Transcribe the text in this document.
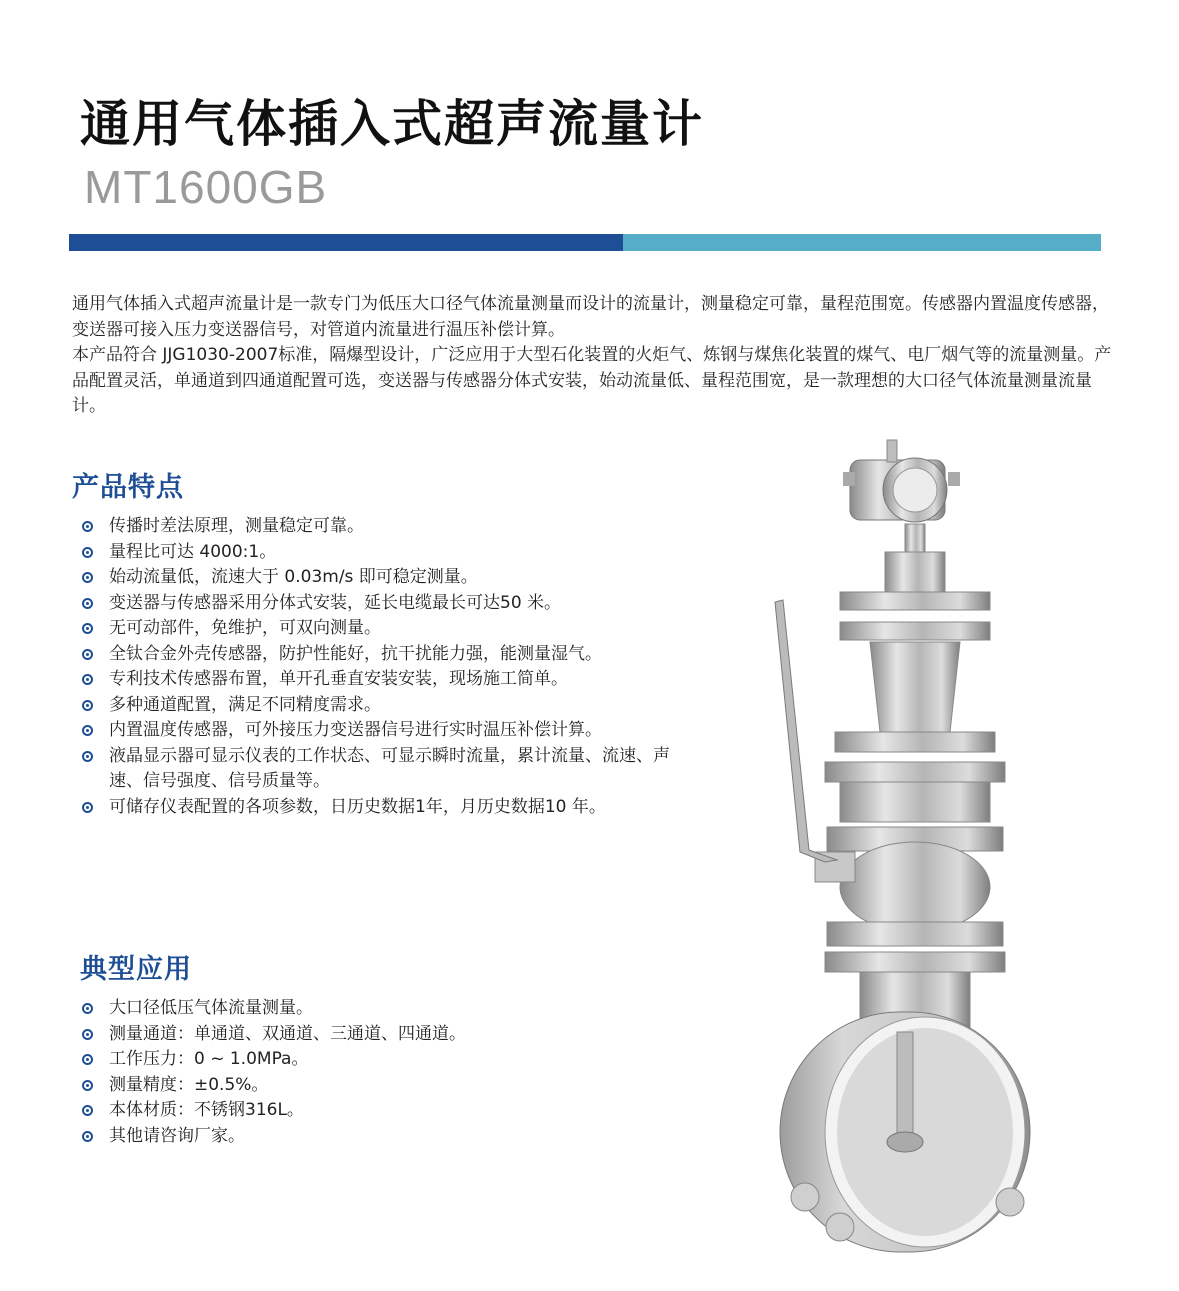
通用气体插入式超声流量计
MT1600GB

通用气体插入式超声流量计是一款专门为低压大口径气体流量测量而设计的流量计，测量稳定可靠，量程范围宽。传感器内置温度传感器，变送器可接入压力变送器信号，对管道内流量进行温压补偿计算。

本产品符合 JJG1030-2007标准，隔爆型设计，广泛应用于大型石化装置的火炬气、炼钢与煤焦化装置的煤气、电厂烟气等的流量测量。产品配置灵活，单通道到四通道配置可选，变送器与传感器分体式安装，始动流量低、量程范围宽，是一款理想的大口径气体流量测量流量计。

产品特点
传播时差法原理，测量稳定可靠。
量程比可达 4000:1。
始动流量低，流速大于 0.03m/s 即可稳定测量。
变送器与传感器采用分体式安装，延长电缆最长可达50 米。
无可动部件，免维护，可双向测量。
全钛合金外壳传感器，防护性能好，抗干扰能力强，能测量湿气。
专利技术传感器布置，单开孔垂直安装安装，现场施工简单。
多种通道配置，满足不同精度需求。
内置温度传感器，可外接压力变送器信号进行实时温压补偿计算。
液晶显示器可显示仪表的工作状态、可显示瞬时流量，累计流量、流速、声速、信号强度、信号质量等。
可储存仪表配置的各项参数，日历史数据1年，月历史数据10 年。
典型应用
大口径低压气体流量测量。
测量通道：单通道、双通道、三通道、四通道。
工作压力：0 ~ 1.0MPa。
测量精度：±0.5%。
本体材质：不锈钢316L。
其他请咨询厂家。
